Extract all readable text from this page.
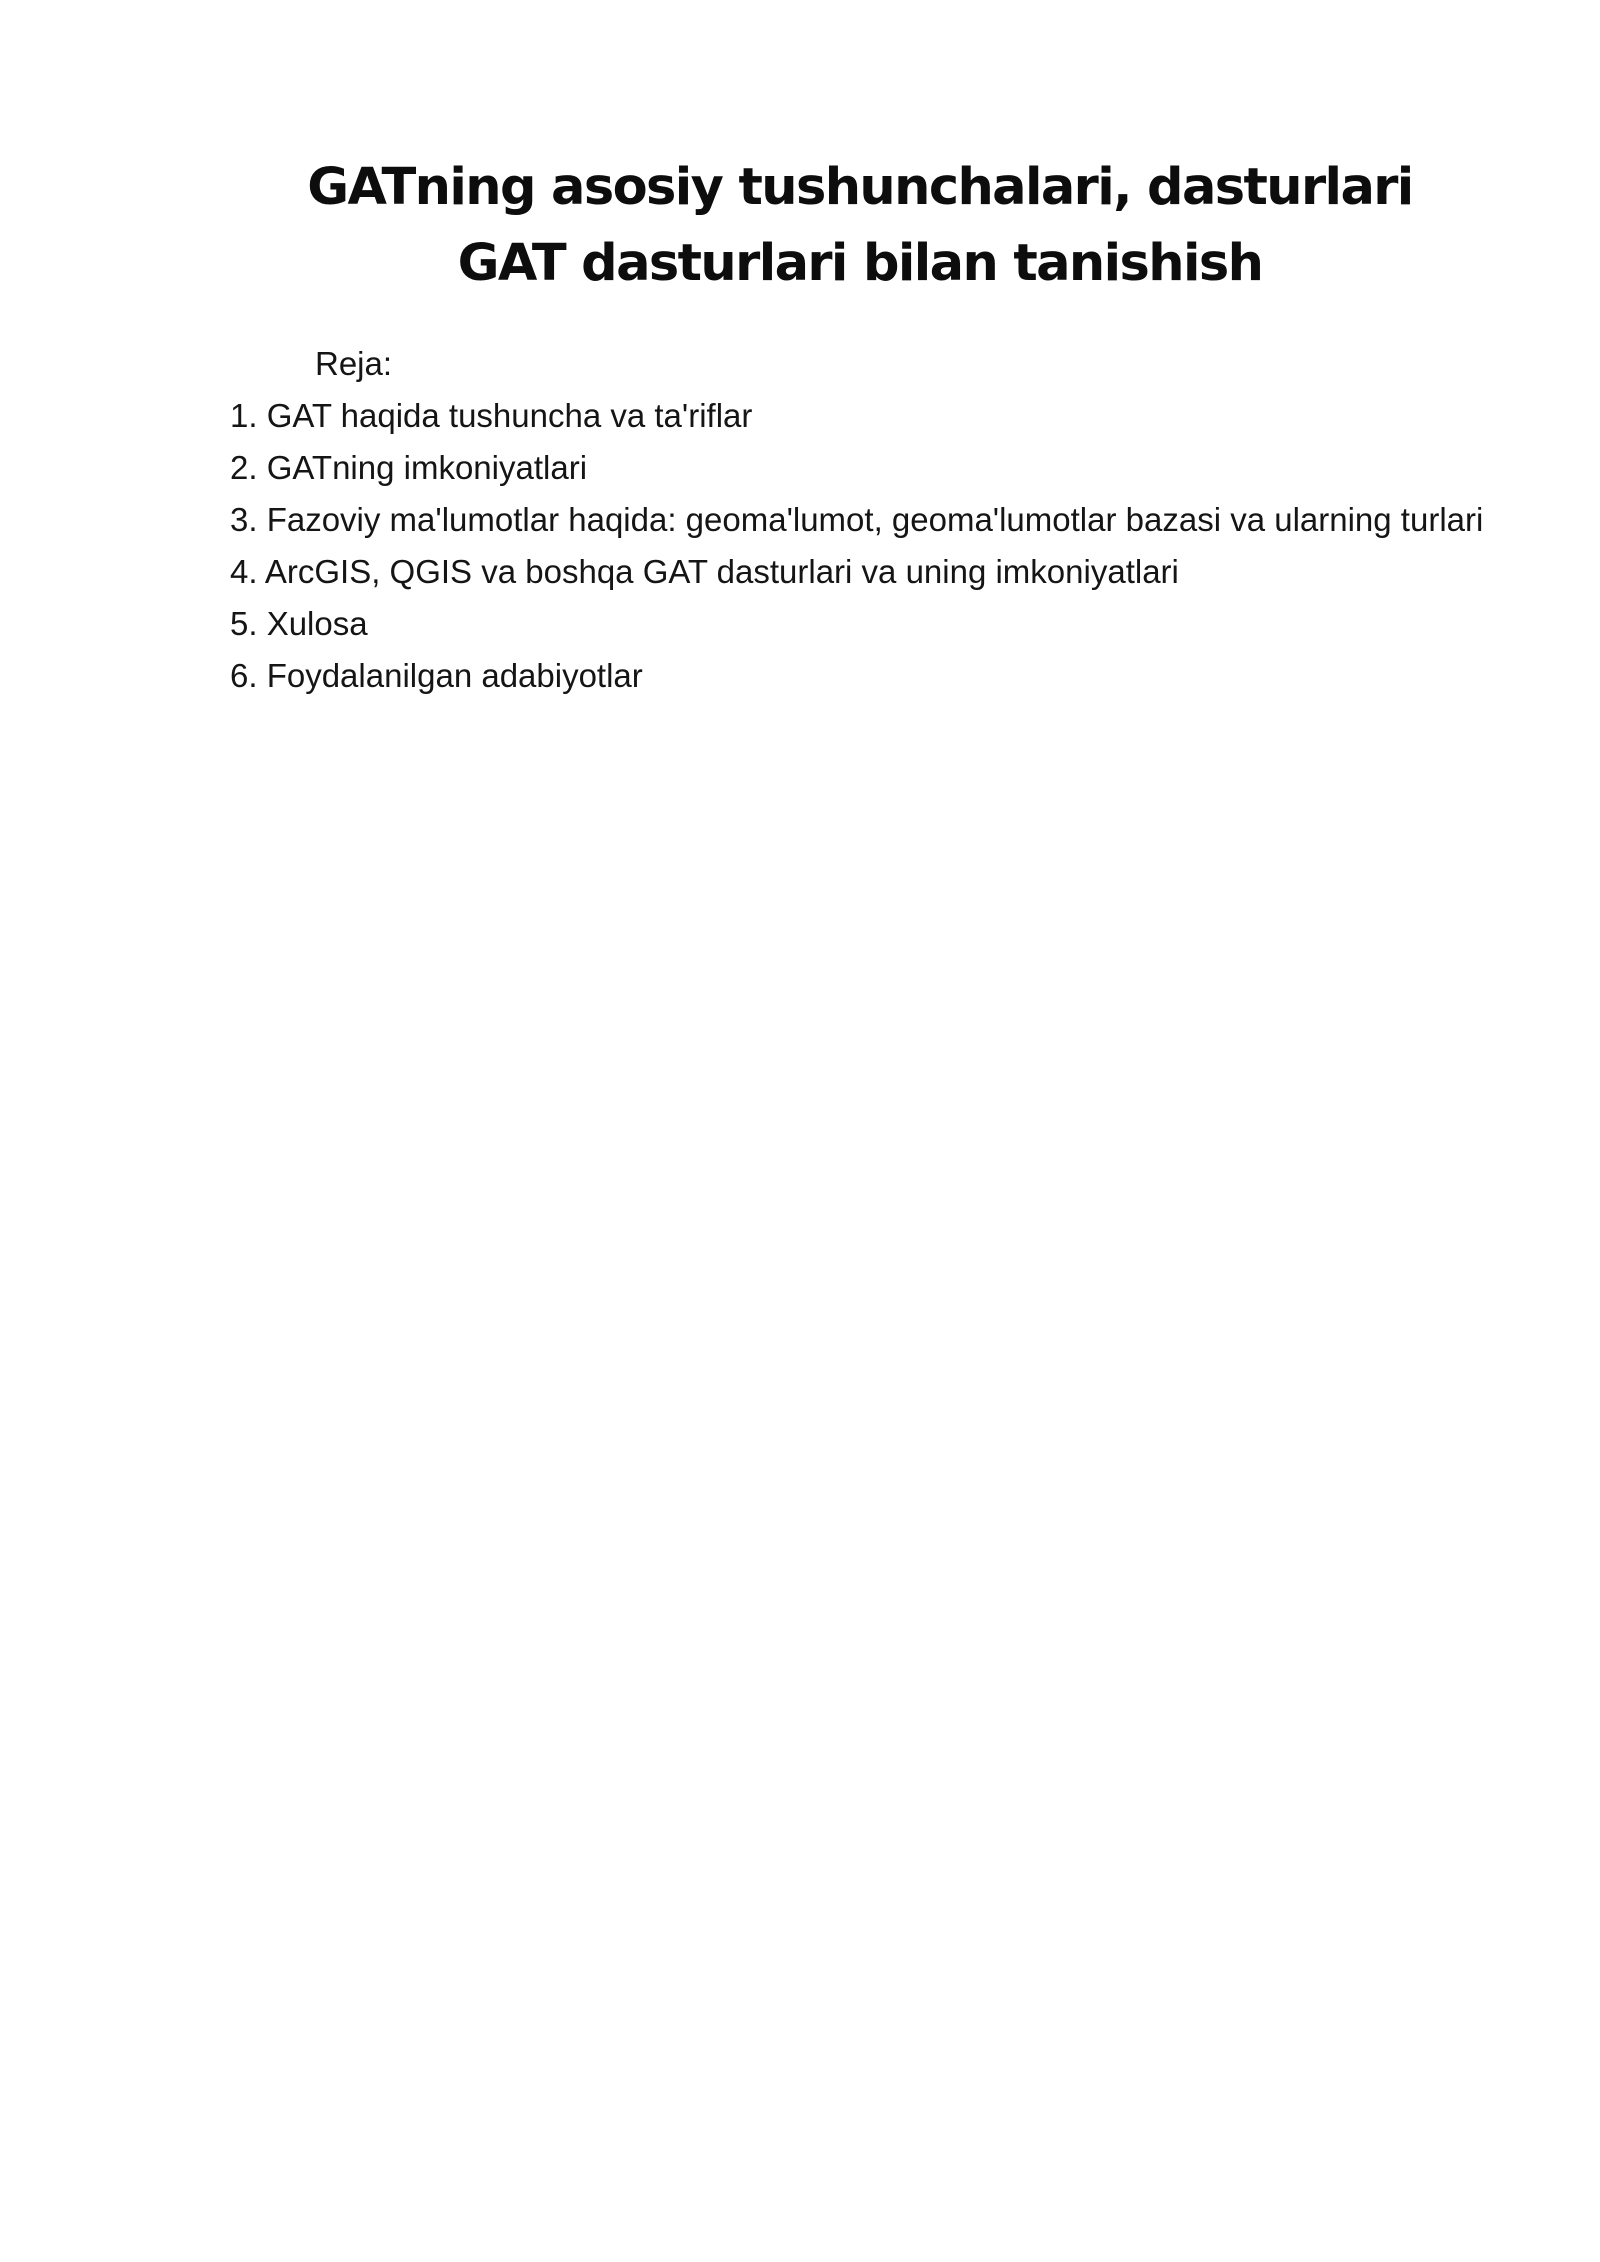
GATning asosiy tushunchalari, dasturlari
GAT dasturlari bilan tanishish
Reja:
1. GAT haqida tushuncha va ta'riflar
2. GATning imkoniyatlari
3. Fazoviy ma'lumotlar haqida: geoma'lumot, geoma'lumotlar bazasi va ularning turlari
4. ArcGIS, QGIS va boshqa GAT dasturlari va uning imkoniyatlari
5. Xulosa
6. Foydalanilgan adabiyotlar
